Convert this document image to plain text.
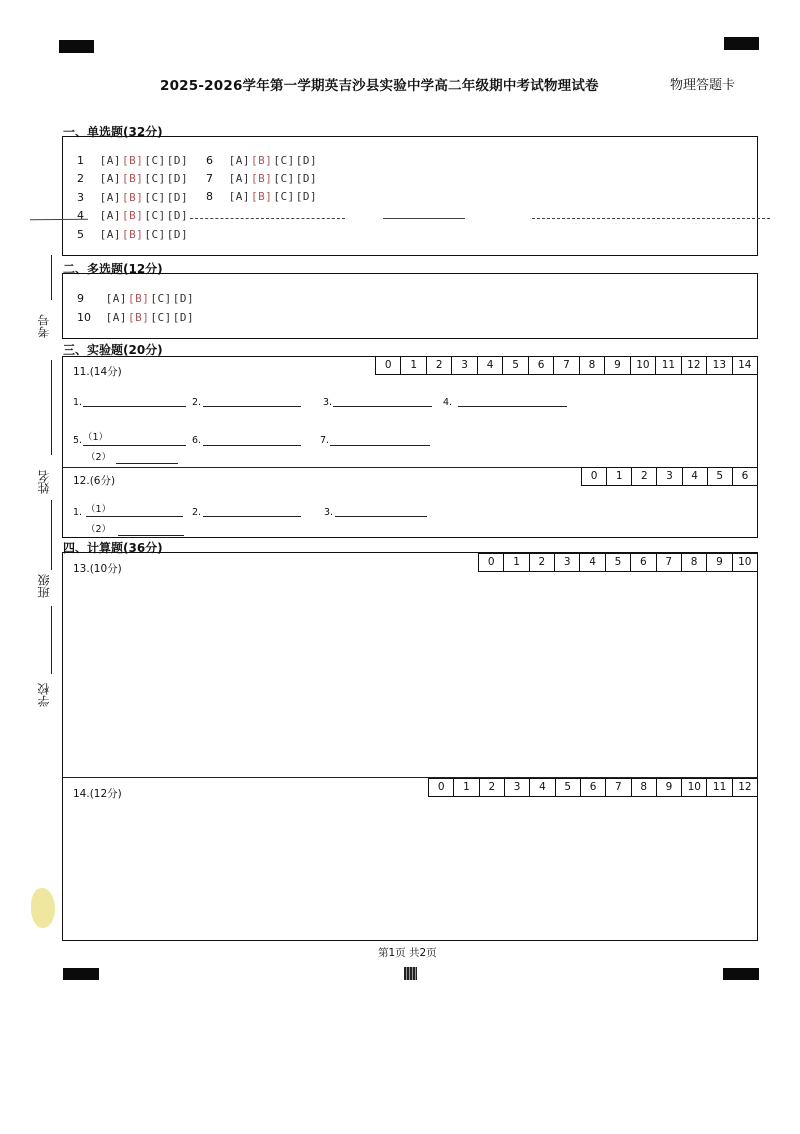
2025-2026学年第一学期英吉沙县实验中学高二年级期中考试物理试卷	物理答题卡
考号
姓名
班级
学校
一、单选题(32分)
1 [A][B][C][D]
2 [A][B][C][D]
3 [A][B][C][D]
4 [A][B][C][D]
5 [A][B][C][D]
6 [A][B][C][D]
7 [A][B][C][D]
8 [A][B][C][D]
二、多选题(12分)
9 [A][B][C][D]
10 [A][B][C][D]
三、实验题(20分)
11.(14分)
0	1	2	3	4	5	6	7	8	9	10	11	12	13	14
1.	2.	3.	4.
5. （1）
（2）
6.	7.
12.(6分)	0	1	2	3	4	5	6
1. （1）
（2）
2.	3.
四、计算题(36分)
13.(10分)
0	1	2	3	4	5	6	7	8	9	10
14.(12分)
0	1	2	3	4	5	6	7	8	9	10	11	12
第1页 共2页
